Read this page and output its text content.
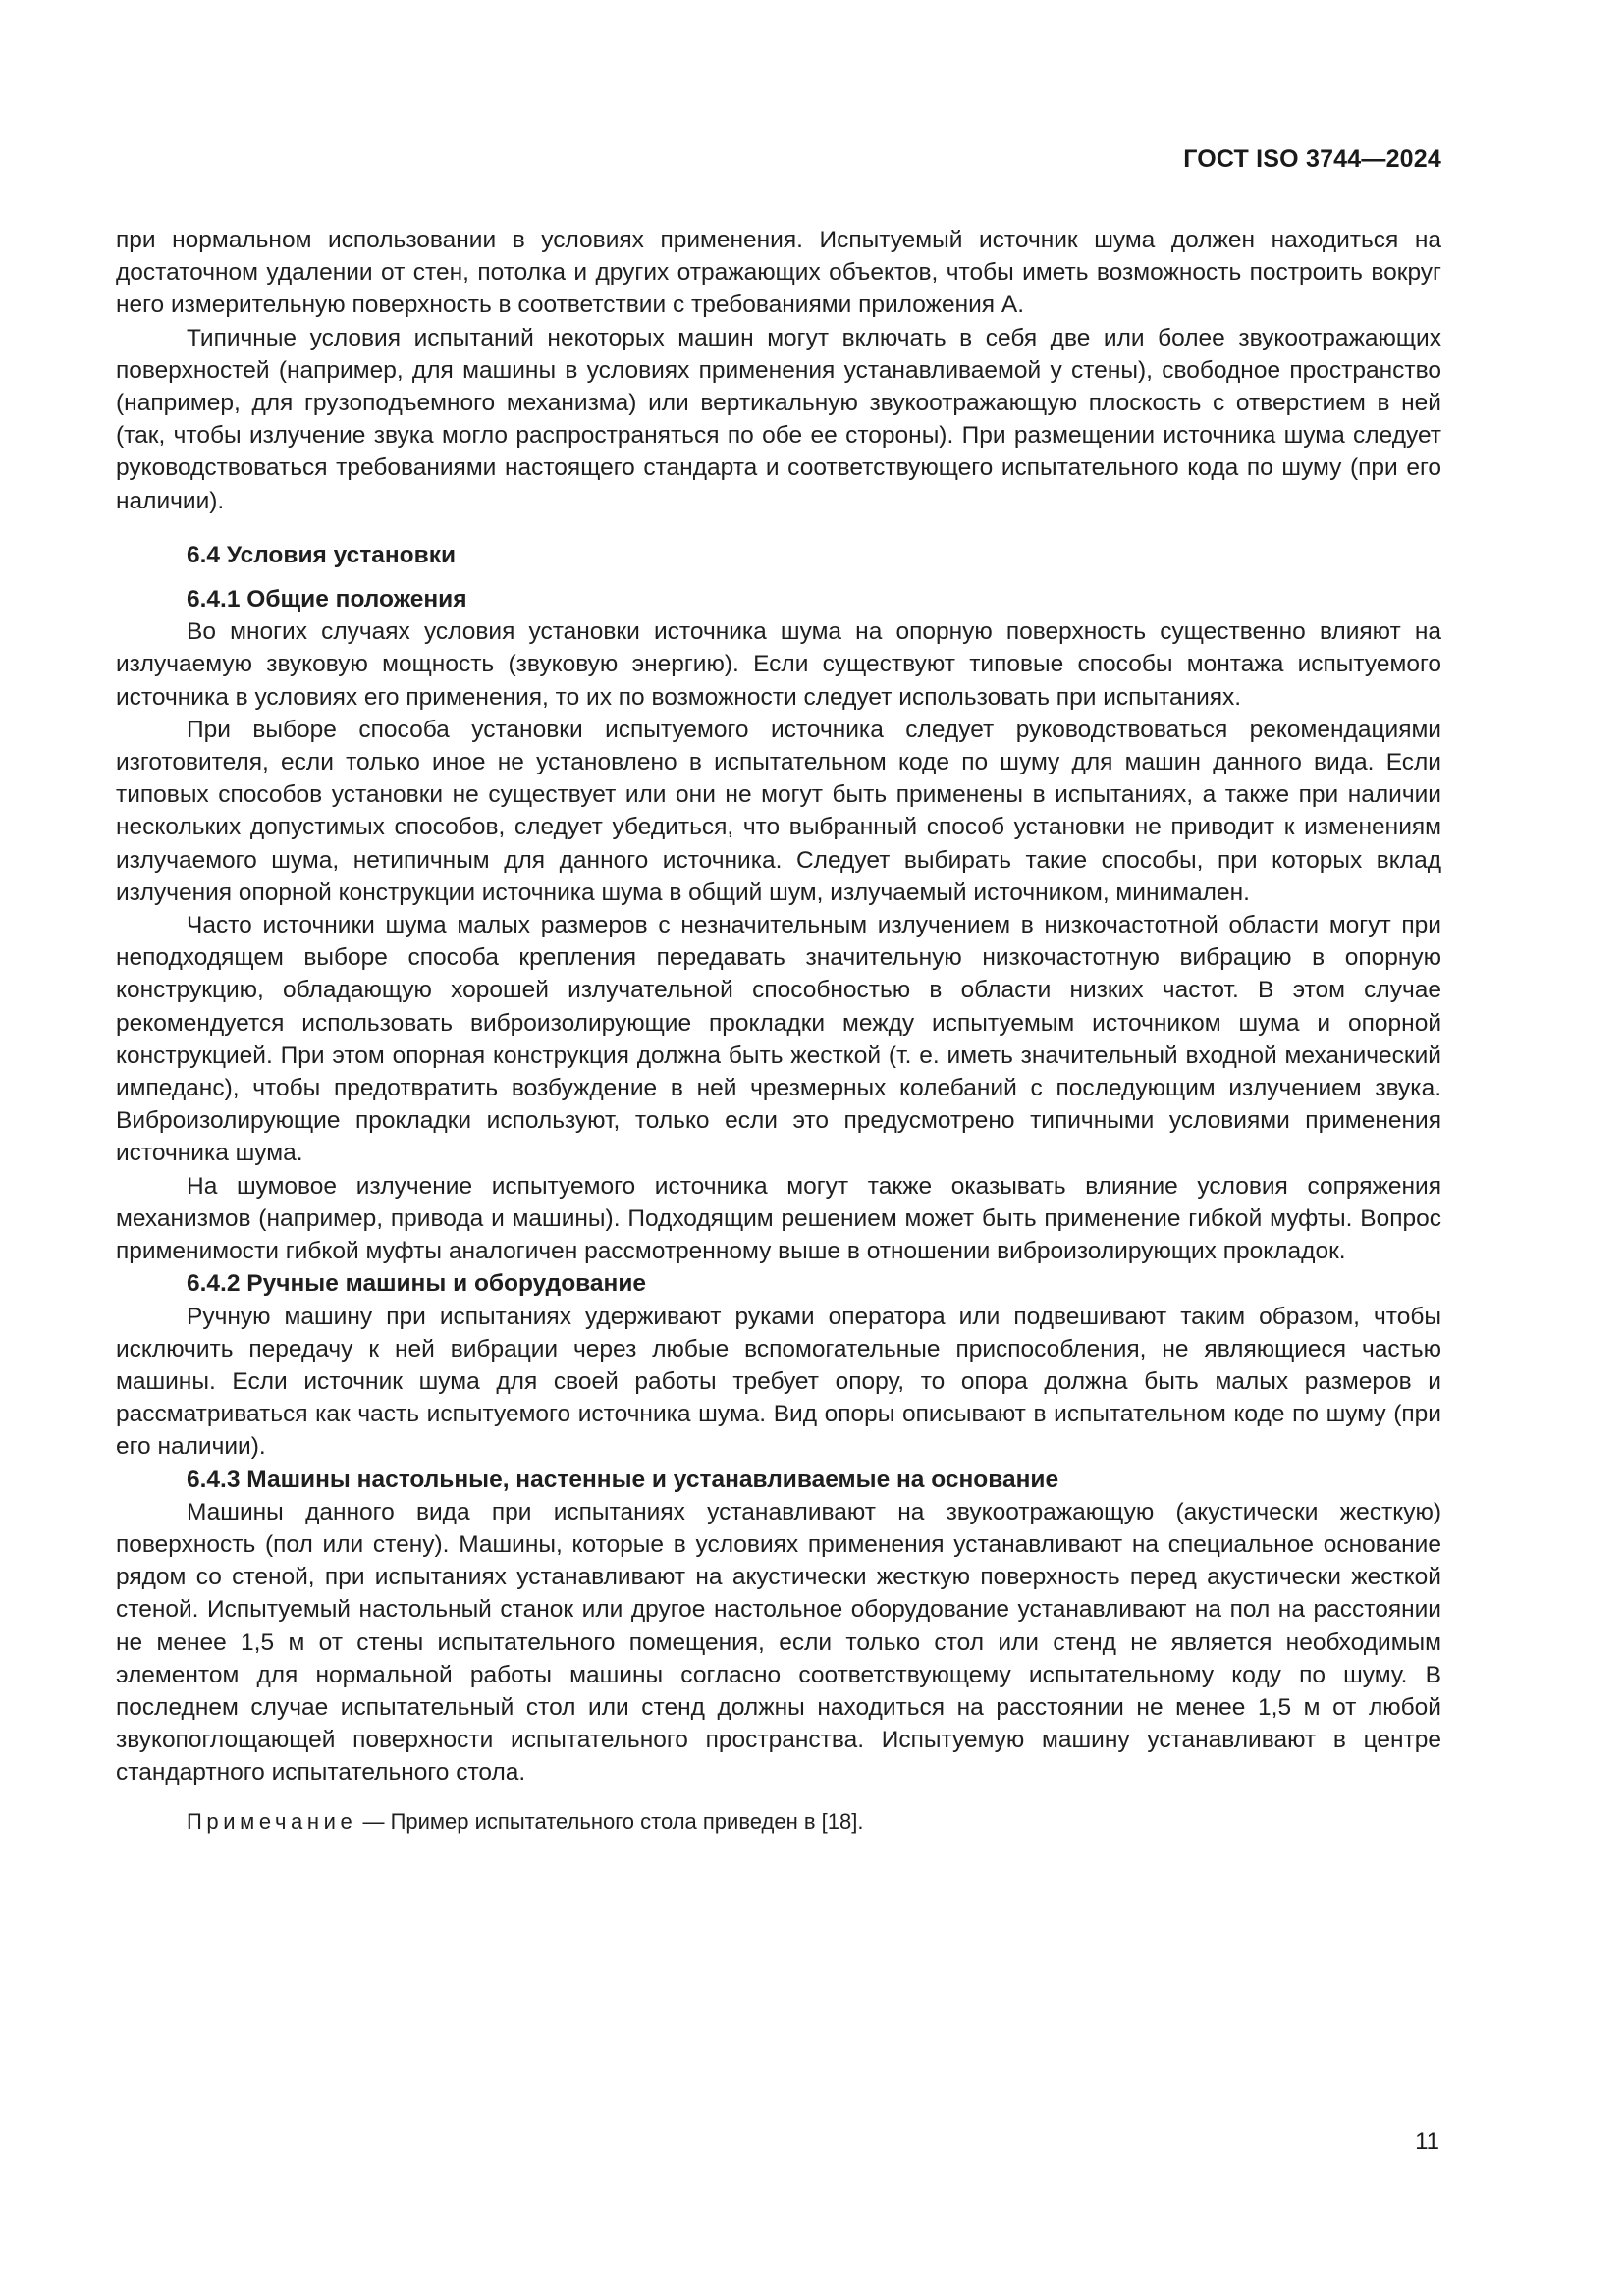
ГОСТ ISO 3744—2024

при нормальном использовании в условиях применения. Испытуемый источник шума должен находиться на достаточном удалении от стен, потолка и других отражающих объектов, чтобы иметь возможность построить вокруг него измерительную поверхность в соответствии с требованиями приложения А.

Типичные условия испытаний некоторых машин могут включать в себя две или более звукоотражающих поверхностей (например, для машины в условиях применения устанавливаемой у стены), свободное пространство (например, для грузоподъемного механизма) или вертикальную звукоотражающую плоскость с отверстием в ней (так, чтобы излучение звука могло распространяться по обе ее стороны). При размещении источника шума следует руководствоваться требованиями настоящего стандарта и соответствующего испытательного кода по шуму (при его наличии).

6.4 Условия установки
6.4.1 Общие положения

Во многих случаях условия установки источника шума на опорную поверхность существенно влияют на излучаемую звуковую мощность (звуковую энергию). Если существуют типовые способы монтажа испытуемого источника в условиях его применения, то их по возможности следует использовать при испытаниях.

При выборе способа установки испытуемого источника следует руководствоваться рекомендациями изготовителя, если только иное не установлено в испытательном коде по шуму для машин данного вида. Если типовых способов установки не существует или они не могут быть применены в испытаниях, а также при наличии нескольких допустимых способов, следует убедиться, что выбранный способ установки не приводит к изменениям излучаемого шума, нетипичным для данного источника. Следует выбирать такие способы, при которых вклад излучения опорной конструкции источника шума в общий шум, излучаемый источником, минимален.

Часто источники шума малых размеров с незначительным излучением в низкочастотной области могут при неподходящем выборе способа крепления передавать значительную низкочастотную вибрацию в опорную конструкцию, обладающую хорошей излучательной способностью в области низких частот. В этом случае рекомендуется использовать виброизолирующие прокладки между испытуемым источником шума и опорной конструкцией. При этом опорная конструкция должна быть жесткой (т. е. иметь значительный входной механический импеданс), чтобы предотвратить возбуждение в ней чрезмерных колебаний с последующим излучением звука. Виброизолирующие прокладки используют, только если это предусмотрено типичными условиями применения источника шума.

На шумовое излучение испытуемого источника могут также оказывать влияние условия сопряжения механизмов (например, привода и машины). Подходящим решением может быть применение гибкой муфты. Вопрос применимости гибкой муфты аналогичен рассмотренному выше в отношении виброизолирующих прокладок.

6.4.2 Ручные машины и оборудование

Ручную машину при испытаниях удерживают руками оператора или подвешивают таким образом, чтобы исключить передачу к ней вибрации через любые вспомогательные приспособления, не являющиеся частью машины. Если источник шума для своей работы требует опору, то опора должна быть малых размеров и рассматриваться как часть испытуемого источника шума. Вид опоры описывают в испытательном коде по шуму (при его наличии).

6.4.3 Машины настольные, настенные и устанавливаемые на основание

Машины данного вида при испытаниях устанавливают на звукоотражающую (акустически жесткую) поверхность (пол или стену). Машины, которые в условиях применения устанавливают на специальное основание рядом со стеной, при испытаниях устанавливают на акустически жесткую поверхность перед акустически жесткой стеной. Испытуемый настольный станок или другое настольное оборудование устанавливают на пол на расстоянии не менее 1,5 м от стены испытательного помещения, если только стол или стенд не является необходимым элементом для нормальной работы машины согласно соответствующему испытательному коду по шуму. В последнем случае испытательный стол или стенд должны находиться на расстоянии не менее 1,5 м от любой звукопоглощающей поверхности испытательного пространства. Испытуемую машину устанавливают в центре стандартного испытательного стола.

Примечание — Пример испытательного стола приведен в [18].

11
